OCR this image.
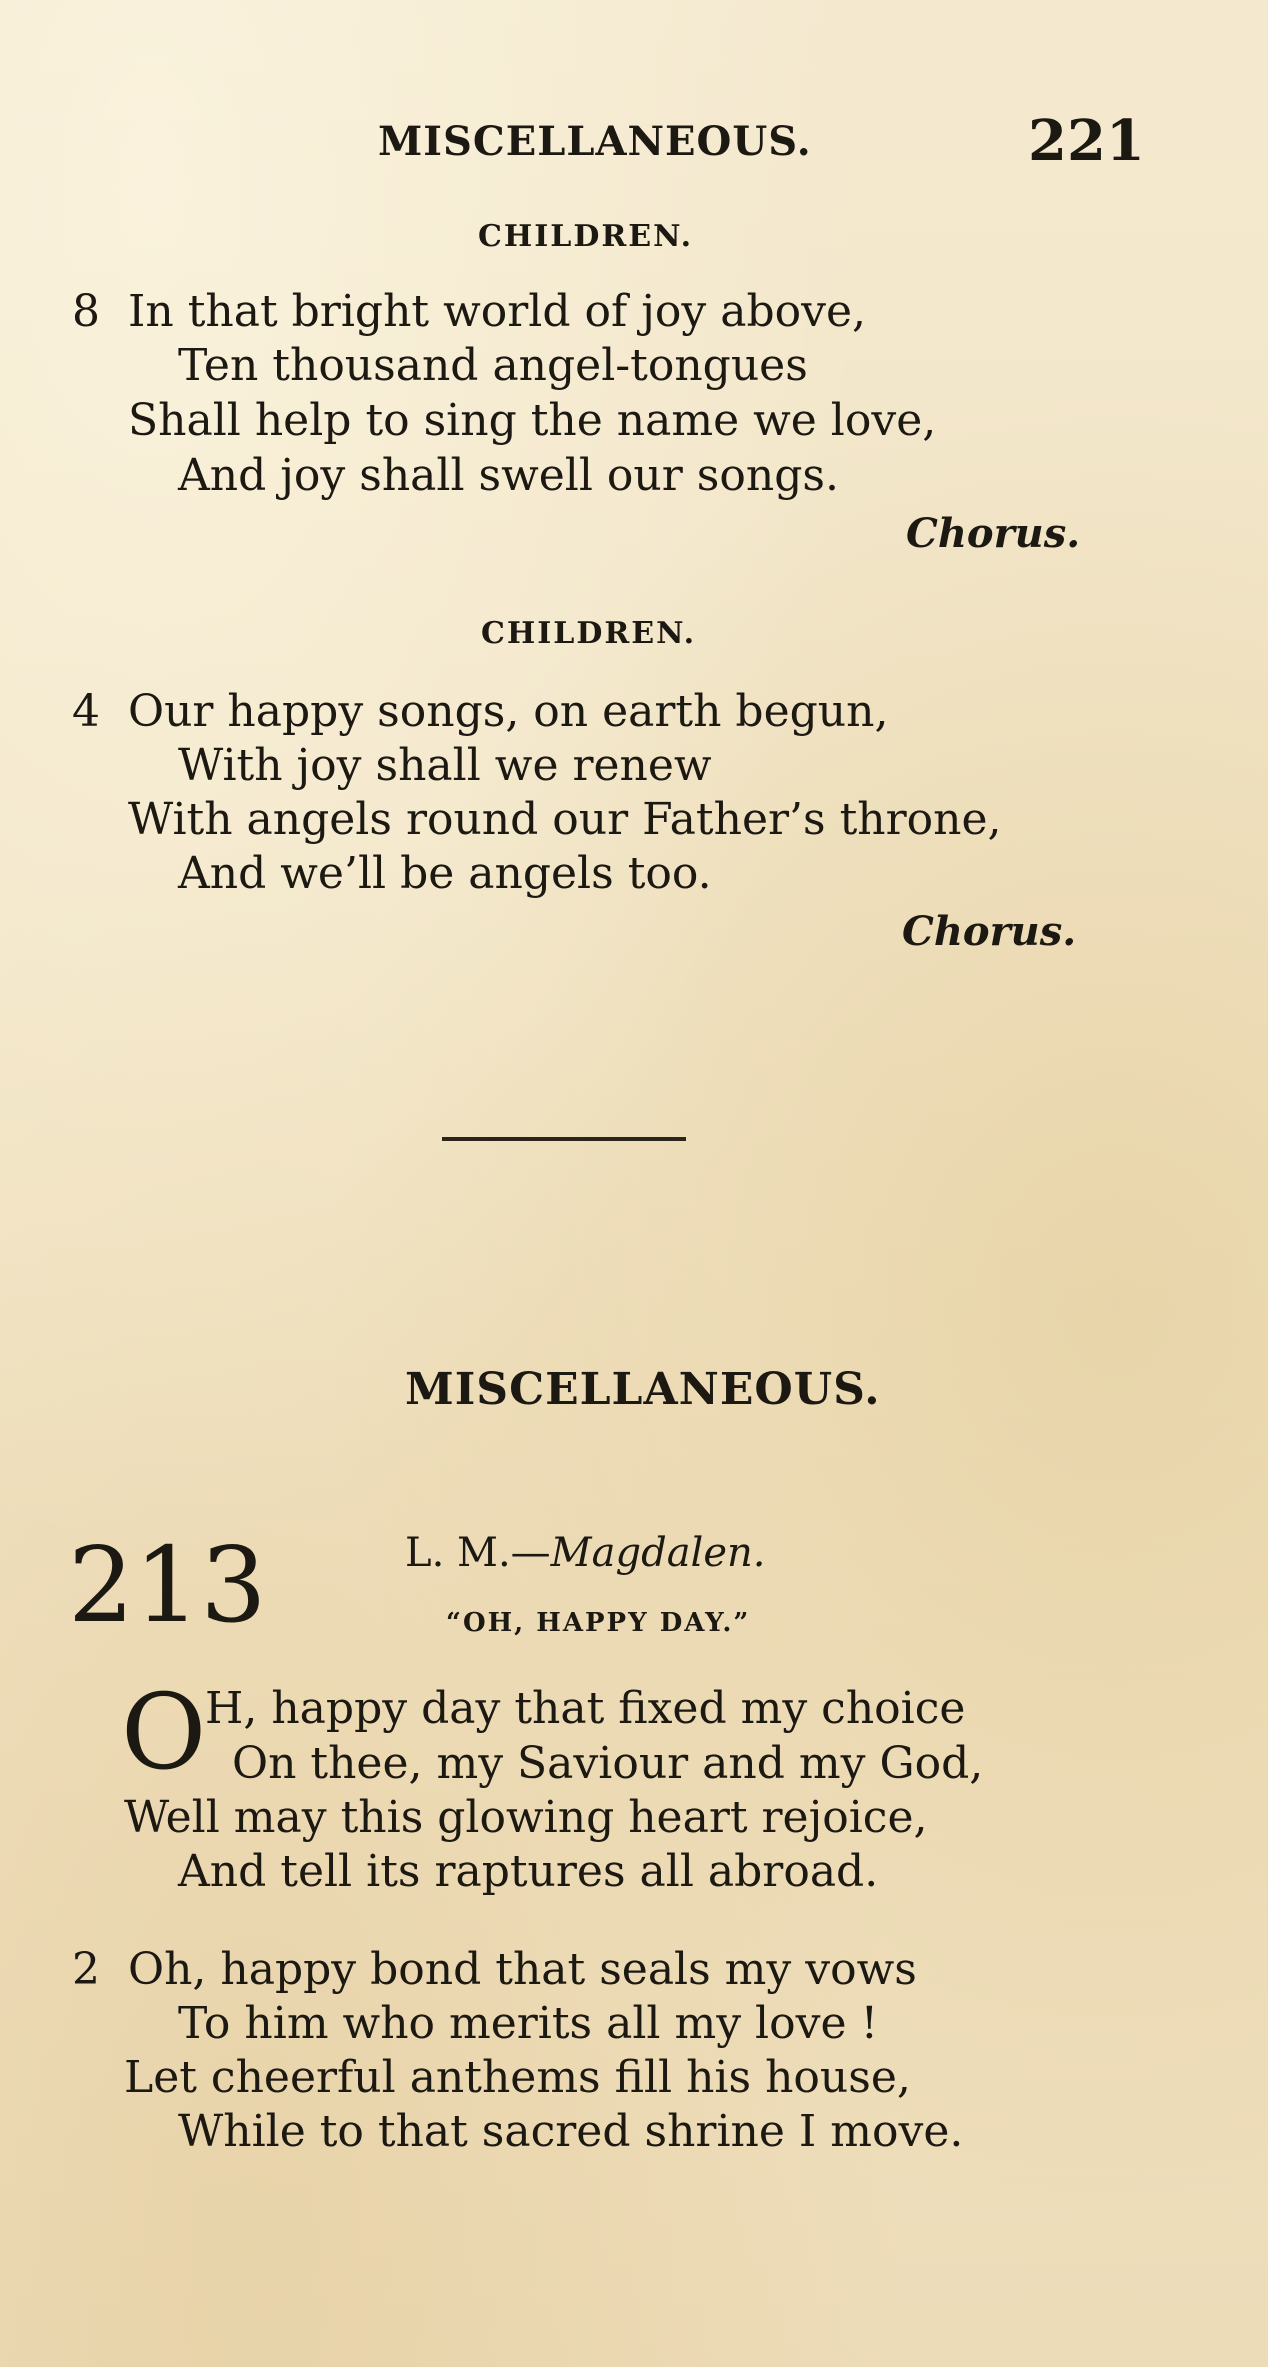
MISCELLANEOUS.	221
CHILDREN.
8 In that bright world of joy above,
Ten thousand angel-tongues
Shall help to sing the name we love,
And joy shall swell our songs.
Chorus.
CHILDREN.
4 Our happy songs, on earth begun,
With joy shall we renew
With angels round our Father’s throne,
And we’ll be angels too.
Chorus.
MISCELLANEOUS.
213	L. M.—Magdalen.
“OH, HAPPY DAY.”
O
H, happy day that fixed my choice
On thee, my Saviour and my God,
Well may this glowing heart rejoice,
And tell its raptures all abroad.
2 Oh, happy bond that seals my vows
To him who merits all my love !
Let cheerful anthems fill his house,
While to that sacred shrine I move.
